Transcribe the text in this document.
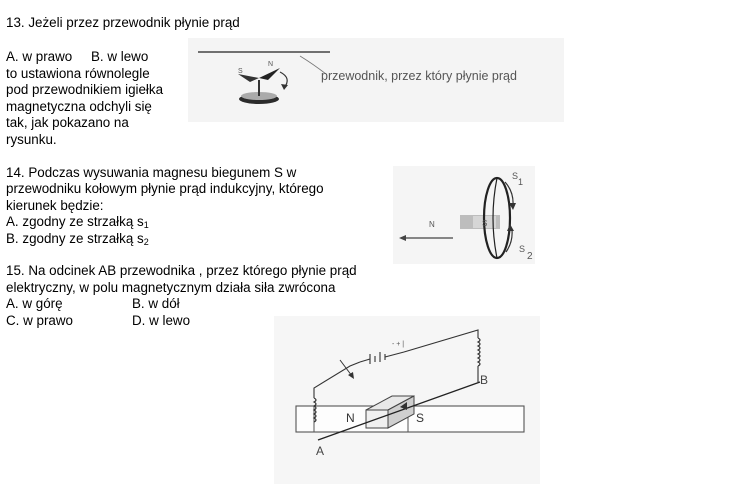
13. Jeżeli przez przewodnik płynie prąd
A. w prawo B. w lewo
to ustawiona równolegle
pod przewodnikiem igiełka
magnetyczna odchyli się
tak, jak pokazano na
rysunku.
S
N
przewodnik, przez który płynie prąd
14. Podczas wysuwania magnesu biegunem S w
przewodniku kołowym płynie prąd indukcyjny, którego
kierunek będzie:
A. zgodny ze strzałką $s_1$
B. zgodny ze strzałką $s_2$
N	S
S
1
S
2
15. Na odcinek AB przewodnika , przez którego płynie prąd
elektryczny, w polu magnetycznym działa siła zwrócona
A. w górę	B. w dół
C. w prawo	D. w lewo
- + |
N	S
A
B
